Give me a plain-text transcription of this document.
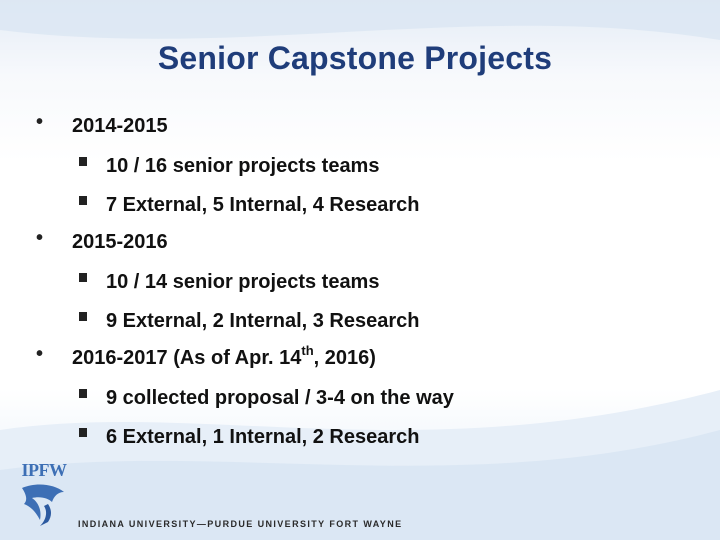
Senior Capstone Projects
• 2014-2015
10 / 16 senior projects teams
7 External, 5 Internal, 4 Research
• 2015-2016
10 / 14 senior projects teams
9 External, 2 Internal, 3 Research
• 2016-2017 (As of Apr. 14th, 2016)
9 collected proposal / 3-4 on the way
6 External, 1 Internal, 2 Research
IPFW
INDIANA UNIVERSITY—PURDUE UNIVERSITY FORT WAYNE
